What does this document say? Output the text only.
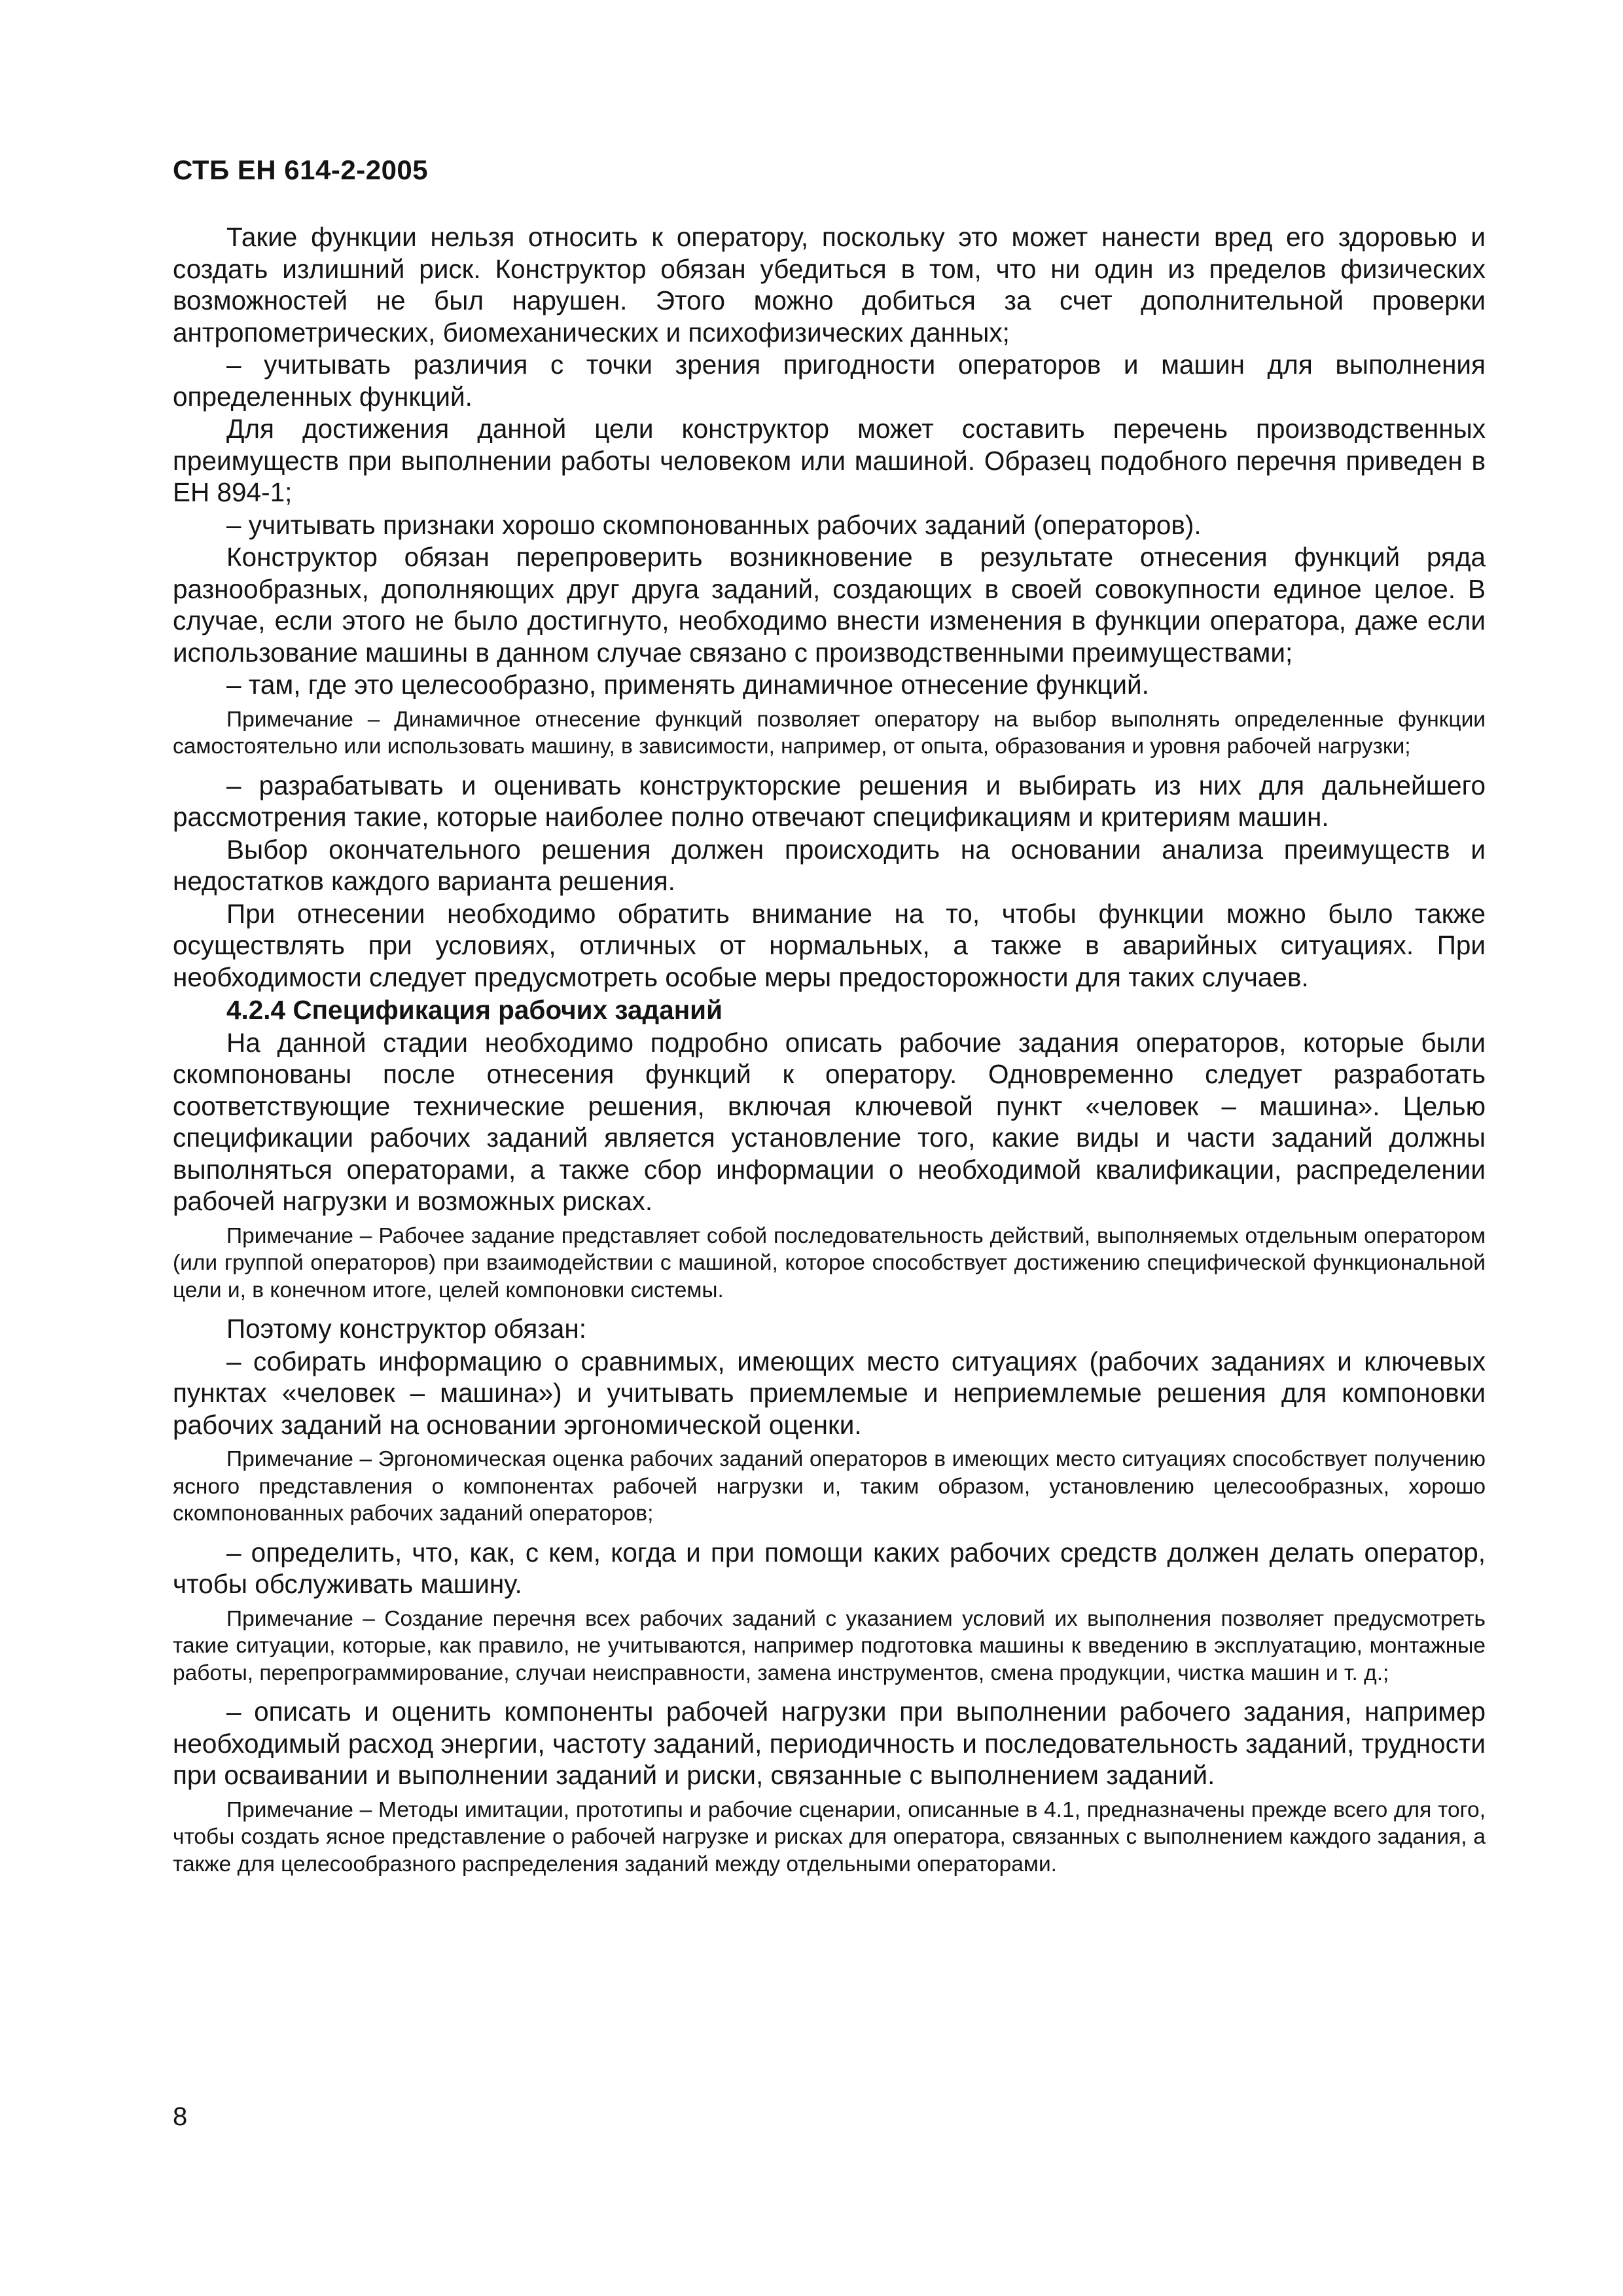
СТБ ЕН 614-2-2005

Такие функции нельзя относить к оператору, поскольку это может нанести вред его здоровью и создать излишний риск. Конструктор обязан убедиться в том, что ни один из пределов физических возможностей не был нарушен. Этого можно добиться за счет дополнительной проверки антропометрических, биомеханических и психофизических данных;

– учитывать различия с точки зрения пригодности операторов и машин для выполнения определенных функций.

Для достижения данной цели конструктор может составить перечень производственных преимуществ при выполнении работы человеком или машиной. Образец подобного перечня приведен в ЕН 894-1;

– учитывать признаки хорошо скомпонованных рабочих заданий (операторов).

Конструктор обязан перепроверить возникновение в результате отнесения функций ряда разнообразных, дополняющих друг друга заданий, создающих в своей совокупности единое целое. В случае, если этого не было достигнуто, необходимо внести изменения в функции оператора, даже если использование машины в данном случае связано с производственными преимуществами;

– там, где это целесообразно, применять динамичное отнесение функций.

Примечание – Динамичное отнесение функций позволяет оператору на выбор выполнять определенные функции самостоятельно или использовать машину, в зависимости, например, от опыта, образования и уровня рабочей нагрузки;

– разрабатывать и оценивать конструкторские решения и выбирать из них для дальнейшего рассмотрения такие, которые наиболее полно отвечают спецификациям и критериям машин.

Выбор окончательного решения должен происходить на основании анализа преимуществ и недостатков каждого варианта решения.

При отнесении необходимо обратить внимание на то, чтобы функции можно было также осуществлять при условиях, отличных от нормальных, а также в аварийных ситуациях. При необходимости следует предусмотреть особые меры предосторожности для таких случаев.

4.2.4 Спецификация рабочих заданий

На данной стадии необходимо подробно описать рабочие задания операторов, которые были скомпонованы после отнесения функций к оператору. Одновременно следует разработать соответствующие технические решения, включая ключевой пункт «человек – машина». Целью спецификации рабочих заданий является установление того, какие виды и части заданий должны выполняться операторами, а также сбор информации о необходимой квалификации, распределении рабочей нагрузки и возможных рисках.

Примечание – Рабочее задание представляет собой последовательность действий, выполняемых отдельным оператором (или группой операторов) при взаимодействии с машиной, которое способствует достижению специфической функциональной цели и, в конечном итоге, целей компоновки системы.

Поэтому конструктор обязан:

– собирать информацию о сравнимых, имеющих место ситуациях (рабочих заданиях и ключевых пунктах «человек – машина») и учитывать приемлемые и неприемлемые решения для компоновки рабочих заданий на основании эргономической оценки.

Примечание – Эргономическая оценка рабочих заданий операторов в имеющих место ситуациях способствует получению ясного представления о компонентах рабочей нагрузки и, таким образом, установлению целесообразных, хорошо скомпонованных рабочих заданий операторов;

– определить, что, как, с кем, когда и при помощи каких рабочих средств должен делать оператор, чтобы обслуживать машину.

Примечание – Создание перечня всех рабочих заданий с указанием условий их выполнения позволяет предусмотреть такие ситуации, которые, как правило, не учитываются, например подготовка машины к введению в эксплуатацию, монтажные работы, перепрограммирование, случаи неисправности, замена инструментов, смена продукции, чистка машин и т. д.;

– описать и оценить компоненты рабочей нагрузки при выполнении рабочего задания, например необходимый расход энергии, частоту заданий, периодичность и последовательность заданий, трудности при осваивании и выполнении заданий и риски, связанные с выполнением заданий.

Примечание – Методы имитации, прототипы и рабочие сценарии, описанные в 4.1, предназначены прежде всего для того, чтобы создать ясное представление о рабочей нагрузке и рисках для оператора, связанных с выполнением каждого задания, а также для целесообразного распределения заданий между отдельными операторами.

8
